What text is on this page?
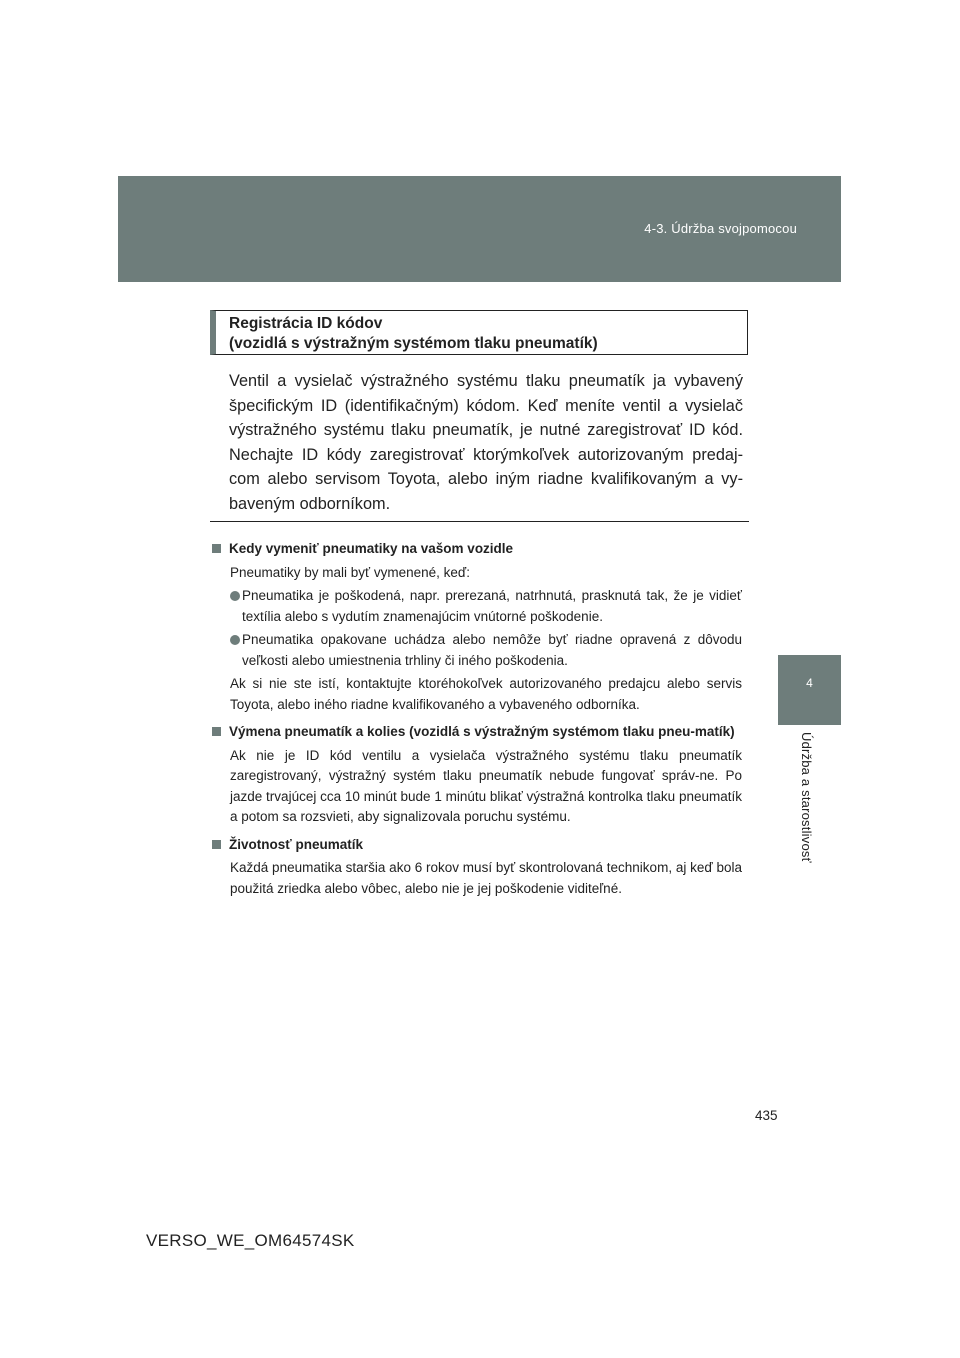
4-3. Údržba svojpomocou
4
Údržba a starostlivosť
Registrácia ID kódov
(vozidlá s výstražným systémom tlaku pneumatík)
Ventil a vysielač výstražného systému tlaku pneumatík ja vybavený špecifickým ID (identifikačným) kódom. Keď meníte ventil a vysielač výstražného systému tlaku pneumatík, je nutné zaregistrovať ID kód. Nechajte ID kódy zaregistrovať ktorýmkoľvek autorizovaným predaj-com alebo servisom Toyota, alebo iným riadne kvalifikovaným a vy-baveným odborníkom.
Kedy vymeniť pneumatiky na vašom vozidle
Pneumatiky by mali byť vymenené, keď:
Pneumatika je poškodená, napr. prerezaná, natrhnutá, prasknutá tak, že je vidieť textília alebo s vydutím znamenajúcim vnútorné poškodenie.
Pneumatika opakovane uchádza alebo nemôže byť riadne opravená z dôvodu veľkosti alebo umiestnenia trhliny či iného poškodenia.
Ak si nie ste istí, kontaktujte ktoréhokoľvek autorizovaného predajcu alebo servis Toyota, alebo iného riadne kvalifikovaného a vybaveného odborníka.
Výmena pneumatík a kolies (vozidlá s výstražným systémom tlaku pneu-matík)
Ak nie je ID kód ventilu a vysielača výstražného systému tlaku pneumatík zaregistrovaný, výstražný systém tlaku pneumatík nebude fungovať správ-ne. Po jazde trvajúcej cca 10 minút bude 1 minútu blikať výstražná kontrolka tlaku pneumatík a potom sa rozsvieti, aby signalizovala poruchu systému.
Životnosť pneumatík
Každá pneumatika staršia ako 6 rokov musí byť skontrolovaná technikom, aj keď bola použitá zriedka alebo vôbec, alebo nie je jej poškodenie viditeľné.
435
VERSO_WE_OM64574SK
